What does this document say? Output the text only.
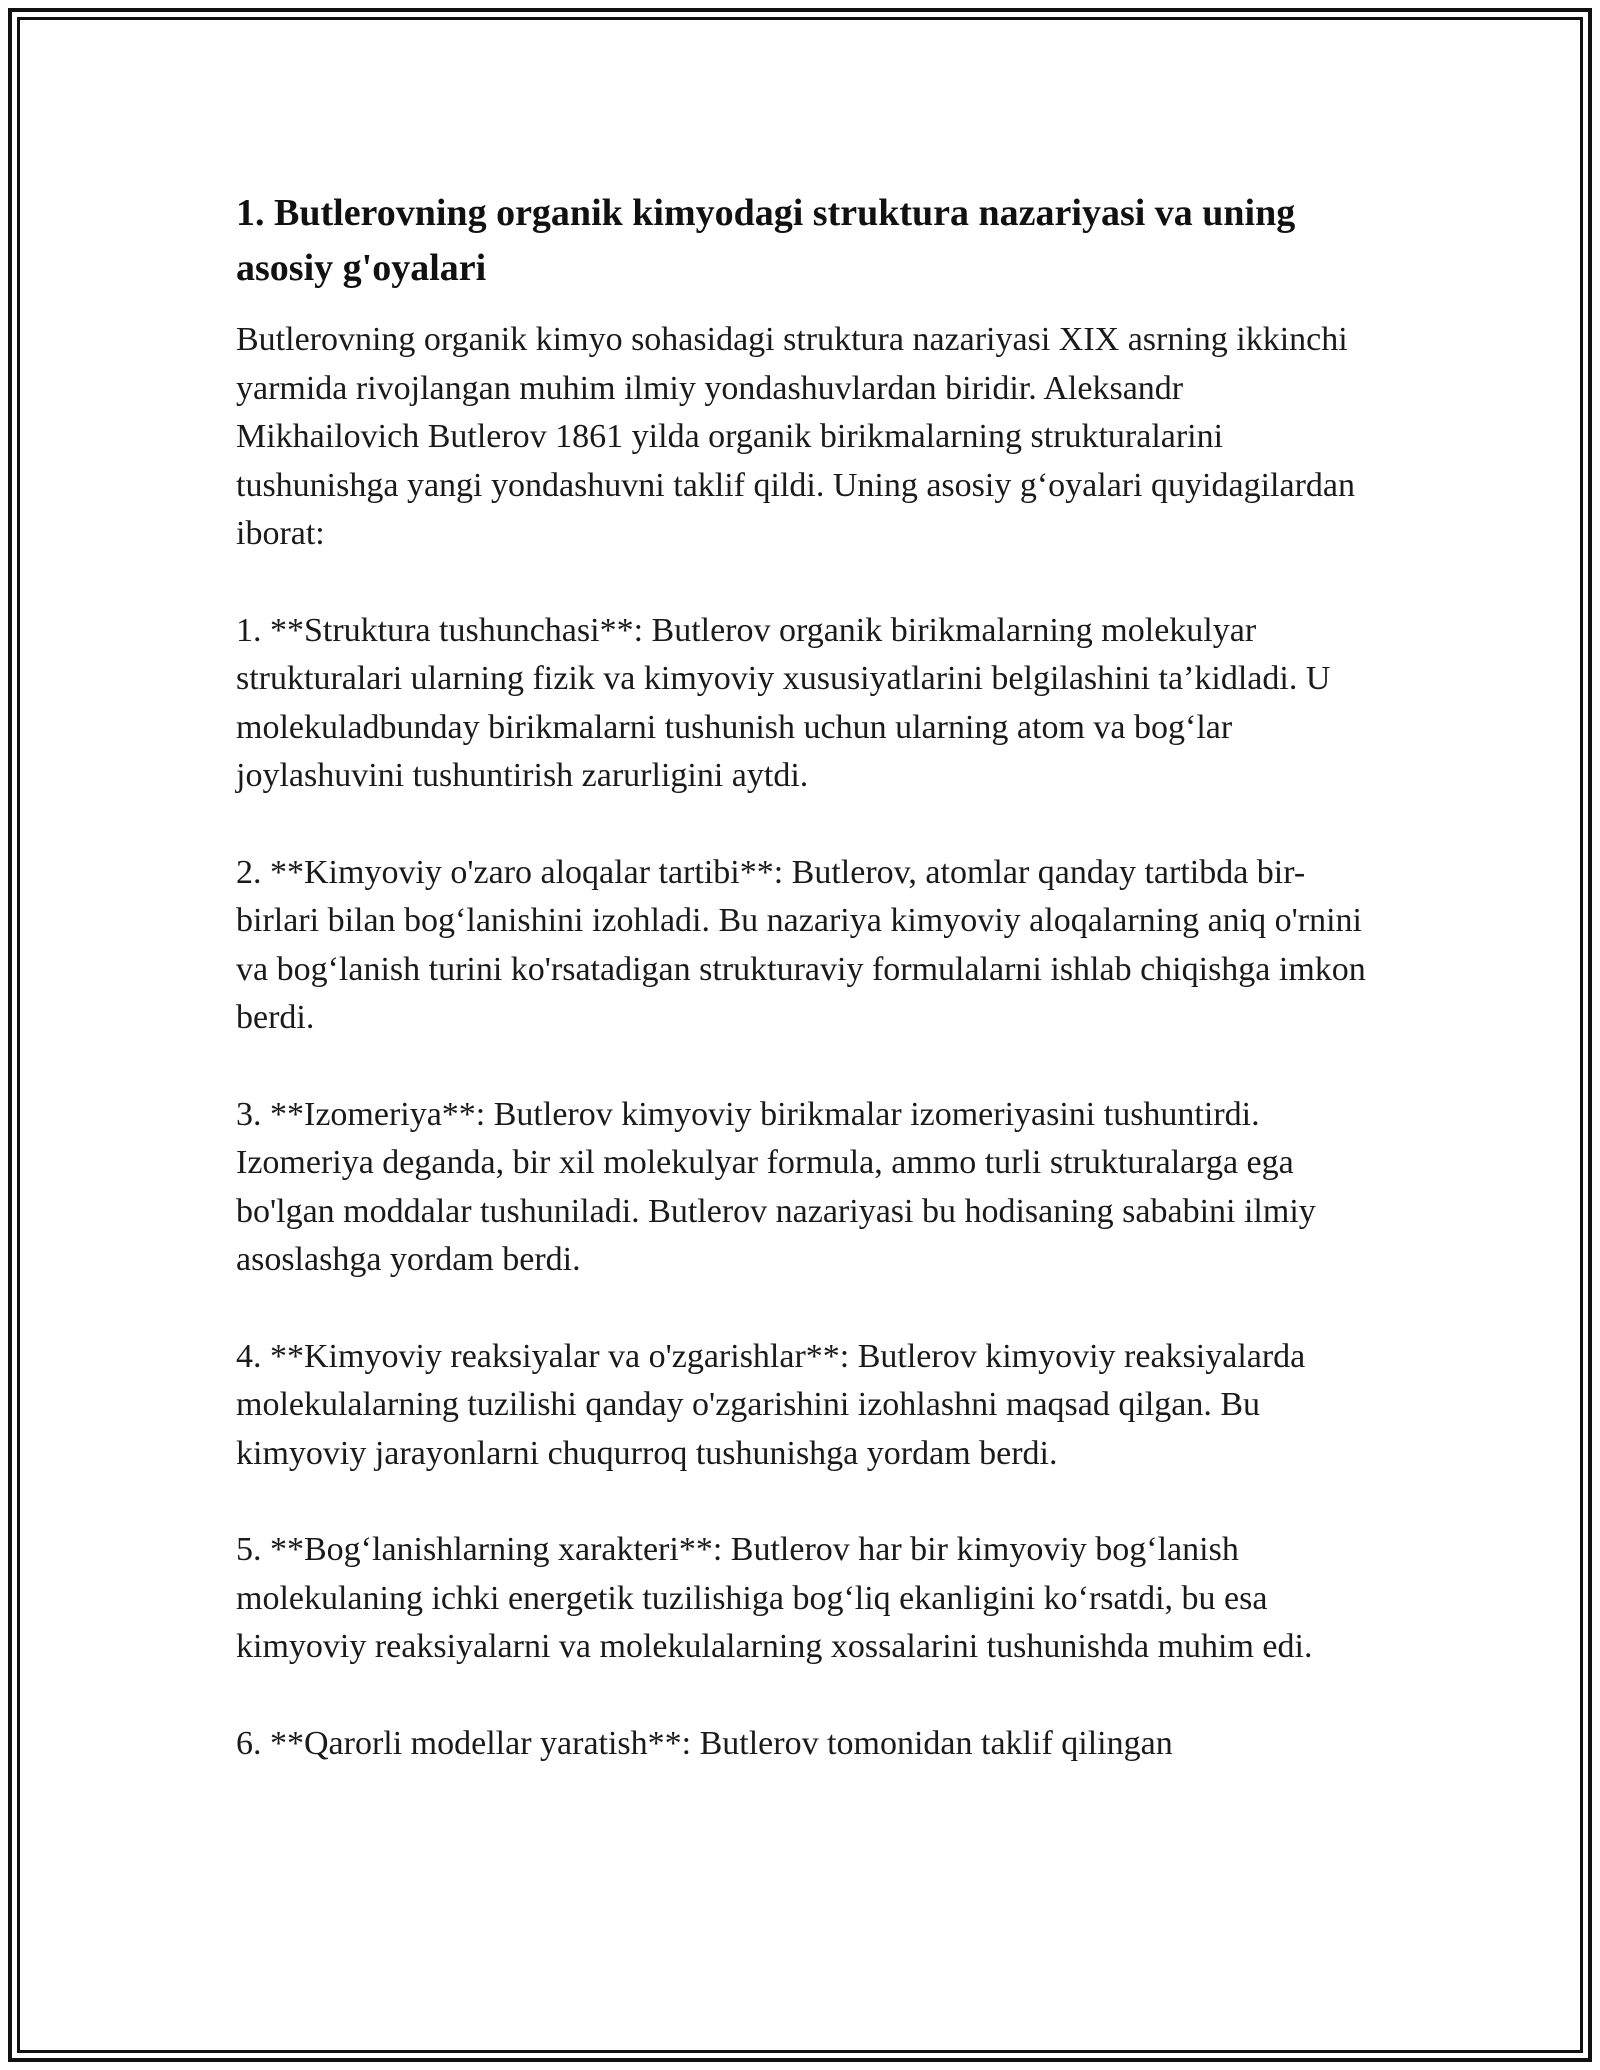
1. Butlerovning organik kimyodagi struktura nazariyasi va uning asosiy g'oyalari

Butlerovning organik kimyo sohasidagi struktura nazariyasi XIX asrning ikkinchi yarmida rivojlangan muhim ilmiy yondashuvlardan biridir. Aleksandr Mikhailovich Butlerov 1861 yilda organik birikmalarning strukturalarini tushunishga yangi yondashuvni taklif qildi. Uning asosiy g‘oyalari quyidagilardan iborat:

1. **Struktura tushunchasi**: Butlerov organik birikmalarning molekulyar strukturalari ularning fizik va kimyoviy xususiyatlarini belgilashini ta’kidladi. U molekuladbunday birikmalarni tushunish uchun ularning atom va bog‘lar joylashuvini tushuntirish zarurligini aytdi.

2. **Kimyoviy o'zaro aloqalar tartibi**: Butlerov, atomlar qanday tartibda bir-birlari bilan bog‘lanishini izohladi. Bu nazariya kimyoviy aloqalarning aniq o'rnini va bog‘lanish turini ko'rsatadigan strukturaviy formulalarni ishlab chiqishga imkon berdi.

3. **Izomeriya**: Butlerov kimyoviy birikmalar izomeriyasini tushuntirdi. Izomeriya deganda, bir xil molekulyar formula, ammo turli strukturalarga ega bo'lgan moddalar tushuniladi. Butlerov nazariyasi bu hodisaning sababini ilmiy asoslashga yordam berdi.

4. **Kimyoviy reaksiyalar va o'zgarishlar**: Butlerov kimyoviy reaksiyalarda molekulalarning tuzilishi qanday o'zgarishini izohlashni maqsad qilgan. Bu kimyoviy jarayonlarni chuqurroq tushunishga yordam berdi.

5. **Bog‘lanishlarning xarakteri**: Butlerov har bir kimyoviy bog‘lanish molekulaning ichki energetik tuzilishiga bog‘liq ekanligini ko‘rsatdi, bu esa kimyoviy reaksiyalarni va molekulalarning xossalarini tushunishda muhim edi.

6. **Qarorli modellar yaratish**: Butlerov tomonidan taklif qilingan
